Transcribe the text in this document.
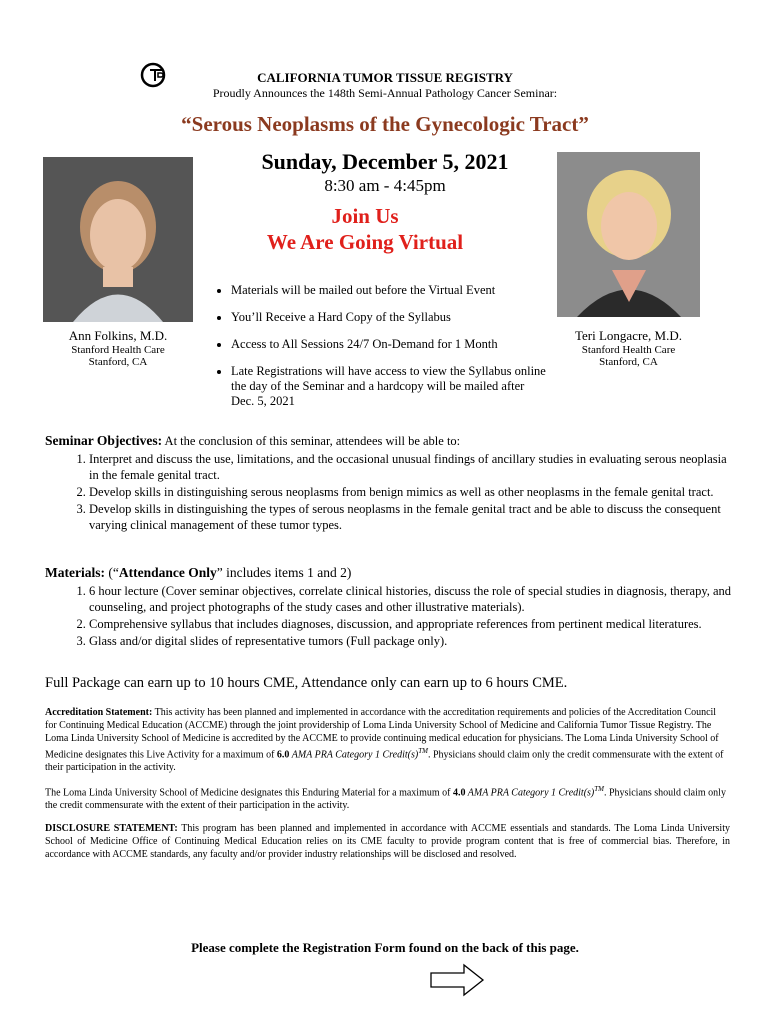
CALIFORNIA TUMOR TISSUE REGISTRY
Proudly Announces the 148th Semi-Annual Pathology Cancer Seminar:
“Serous Neoplasms of the Gynecologic Tract”
Sunday, December 5, 2021
8:30 am - 4:45pm
Join Us
We Are Going Virtual
Ann Folkins, M.D.
Stanford Health Care
Stanford, CA
Teri Longacre, M.D.
Stanford Health Care
Stanford, CA
• Materials will be mailed out before the Virtual Event
• You’ll Receive a Hard Copy of the Syllabus
• Access to All Sessions 24/7 On-Demand for 1 Month
• Late Registrations will have access to view the Syllabus online the day of the Seminar and a hardcopy will be mailed after Dec. 5, 2021
Seminar Objectives: At the conclusion of this seminar, attendees will be able to:
1. Interpret and discuss the use, limitations, and the occasional unusual findings of ancillary studies in evaluating serous neoplasia in the female genital tract.
2. Develop skills in distinguishing serous neoplasms from benign mimics as well as other neoplasms in the female genital tract.
3. Develop skills in distinguishing the types of serous neoplasms in the female genital tract and be able to discuss the consequent varying clinical management of these tumor types.
Materials: (“Attendance Only” includes items 1 and 2)
1. 6 hour lecture (Cover seminar objectives, correlate clinical histories, discuss the role of special studies in diagnosis, therapy, and counseling, and project photographs of the study cases and other illustrative materials).
2. Comprehensive syllabus that includes diagnoses, discussion, and appropriate references from pertinent medical literatures.
3. Glass and/or digital slides of representative tumors (Full package only).
Full Package can earn up to 10 hours CME, Attendance only can earn up to 6 hours CME.
Accreditation Statement: This activity has been planned and implemented in accordance with the accreditation requirements and policies of the Accreditation Council for Continuing Medical Education (ACCME) through the joint providership of Loma Linda University School of Medicine and California Tumor Tissue Registry. The Loma Linda University School of Medicine is accredited by the ACCME to provide continuing medical education for physicians. The Loma Linda University School of Medicine designates this Live Activity for a maximum of 6.0 AMA PRA Category 1 Credit(s)™. Physicians should claim only the credit commensurate with the extent of their participation in the activity.
The Loma Linda University School of Medicine designates this Enduring Material for a maximum of 4.0 AMA PRA Category 1 Credit(s)™. Physicians should claim only the credit commensurate with the extent of their participation in the activity.
DISCLOSURE STATEMENT: This program has been planned and implemented in accordance with ACCME essentials and standards. The Loma Linda University School of Medicine Office of Continuing Medical Education relies on its CME faculty to provide program content that is free of commercial bias. Therefore, in accordance with ACCME standards, any faculty and/or provider industry relationships will be disclosed and resolved.
Please complete the Registration Form found on the back of this page.
